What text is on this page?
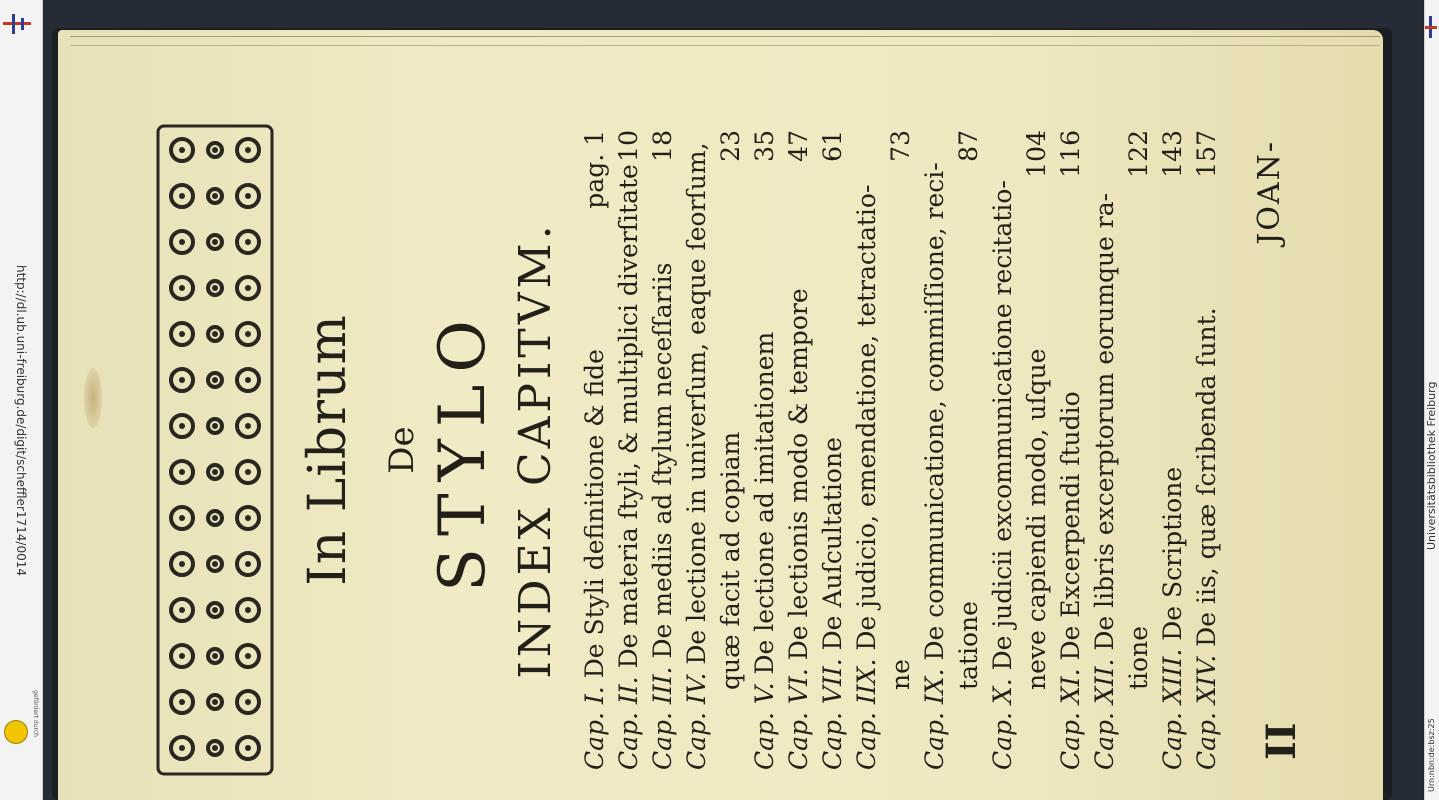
http://dl.ub.uni-freiburg.de/digit/scheffler1714/0014
gefördert durch
In Librum De STYLO INDEX CAPITVM.
Cap. I. De Styli definitione & fide
pag. 1
Cap. II. De materia ſtyli, & multiplici diverſitate
10
Cap. III. De mediis ad ſtylum neceſſariis
18
Cap. IV. De lectione in univerſum, eaque ſeorſum, quæ facit ad copiam
23
Cap. V. De lectione ad imitationem
35
Cap. VI. De lectionis modo & tempore
47
Cap. VII. De Auſcultatione
61
Cap. IIX. De judicio, emendatione, tetractatio-
ne
73
Cap. IX. De communicatione, commiſſione, reci- tatione
87
Cap. X. De judicii excommunicatione recitatio- neve capiendi modo, uſque
104
Cap. XI. De Excerpendi ſtudio
116
Cap. XII. De libris excerptorum eorumque ra- tione
122
Cap. XIII. De Scriptione
143
Cap. XIV. De iis, quæ ſcribenda ſunt.
157
II
JOAN-
Universitätsbibliothek Freiburg
Urn:nbn:de:bsz:25
